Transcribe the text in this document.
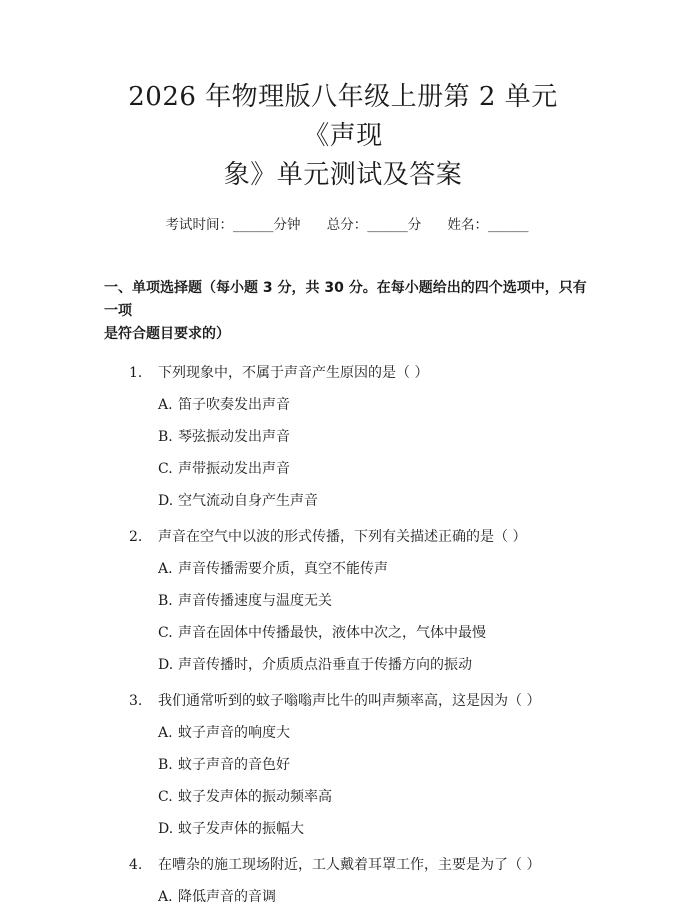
2026 年物理版八年级上册第 2 单元《声现
象》单元测试及答案
考试时间：______分钟 总分：______分 姓名：______
一、单项选择题（每小题 3 分，共 30 分。在每小题给出的四个选项中，只有一项
是符合题目要求的）
1. 下列现象中，不属于声音产生原因的是（ ）
A. 笛子吹奏发出声音
B. 琴弦振动发出声音
C. 声带振动发出声音
D. 空气流动自身产生声音
2. 声音在空气中以波的形式传播，下列有关描述正确的是（ ）
A. 声音传播需要介质，真空不能传声
B. 声音传播速度与温度无关
C. 声音在固体中传播最快，液体中次之，气体中最慢
D. 声音传播时，介质质点沿垂直于传播方向的振动
3. 我们通常听到的蚊子嗡嗡声比牛的叫声频率高，这是因为（ ）
A. 蚊子声音的响度大
B. 蚊子声音的音色好
C. 蚊子发声体的振动频率高
D. 蚊子发声体的振幅大
4. 在嘈杂的施工现场附近，工人戴着耳罩工作，主要是为了（ ）
A. 降低声音的音调
